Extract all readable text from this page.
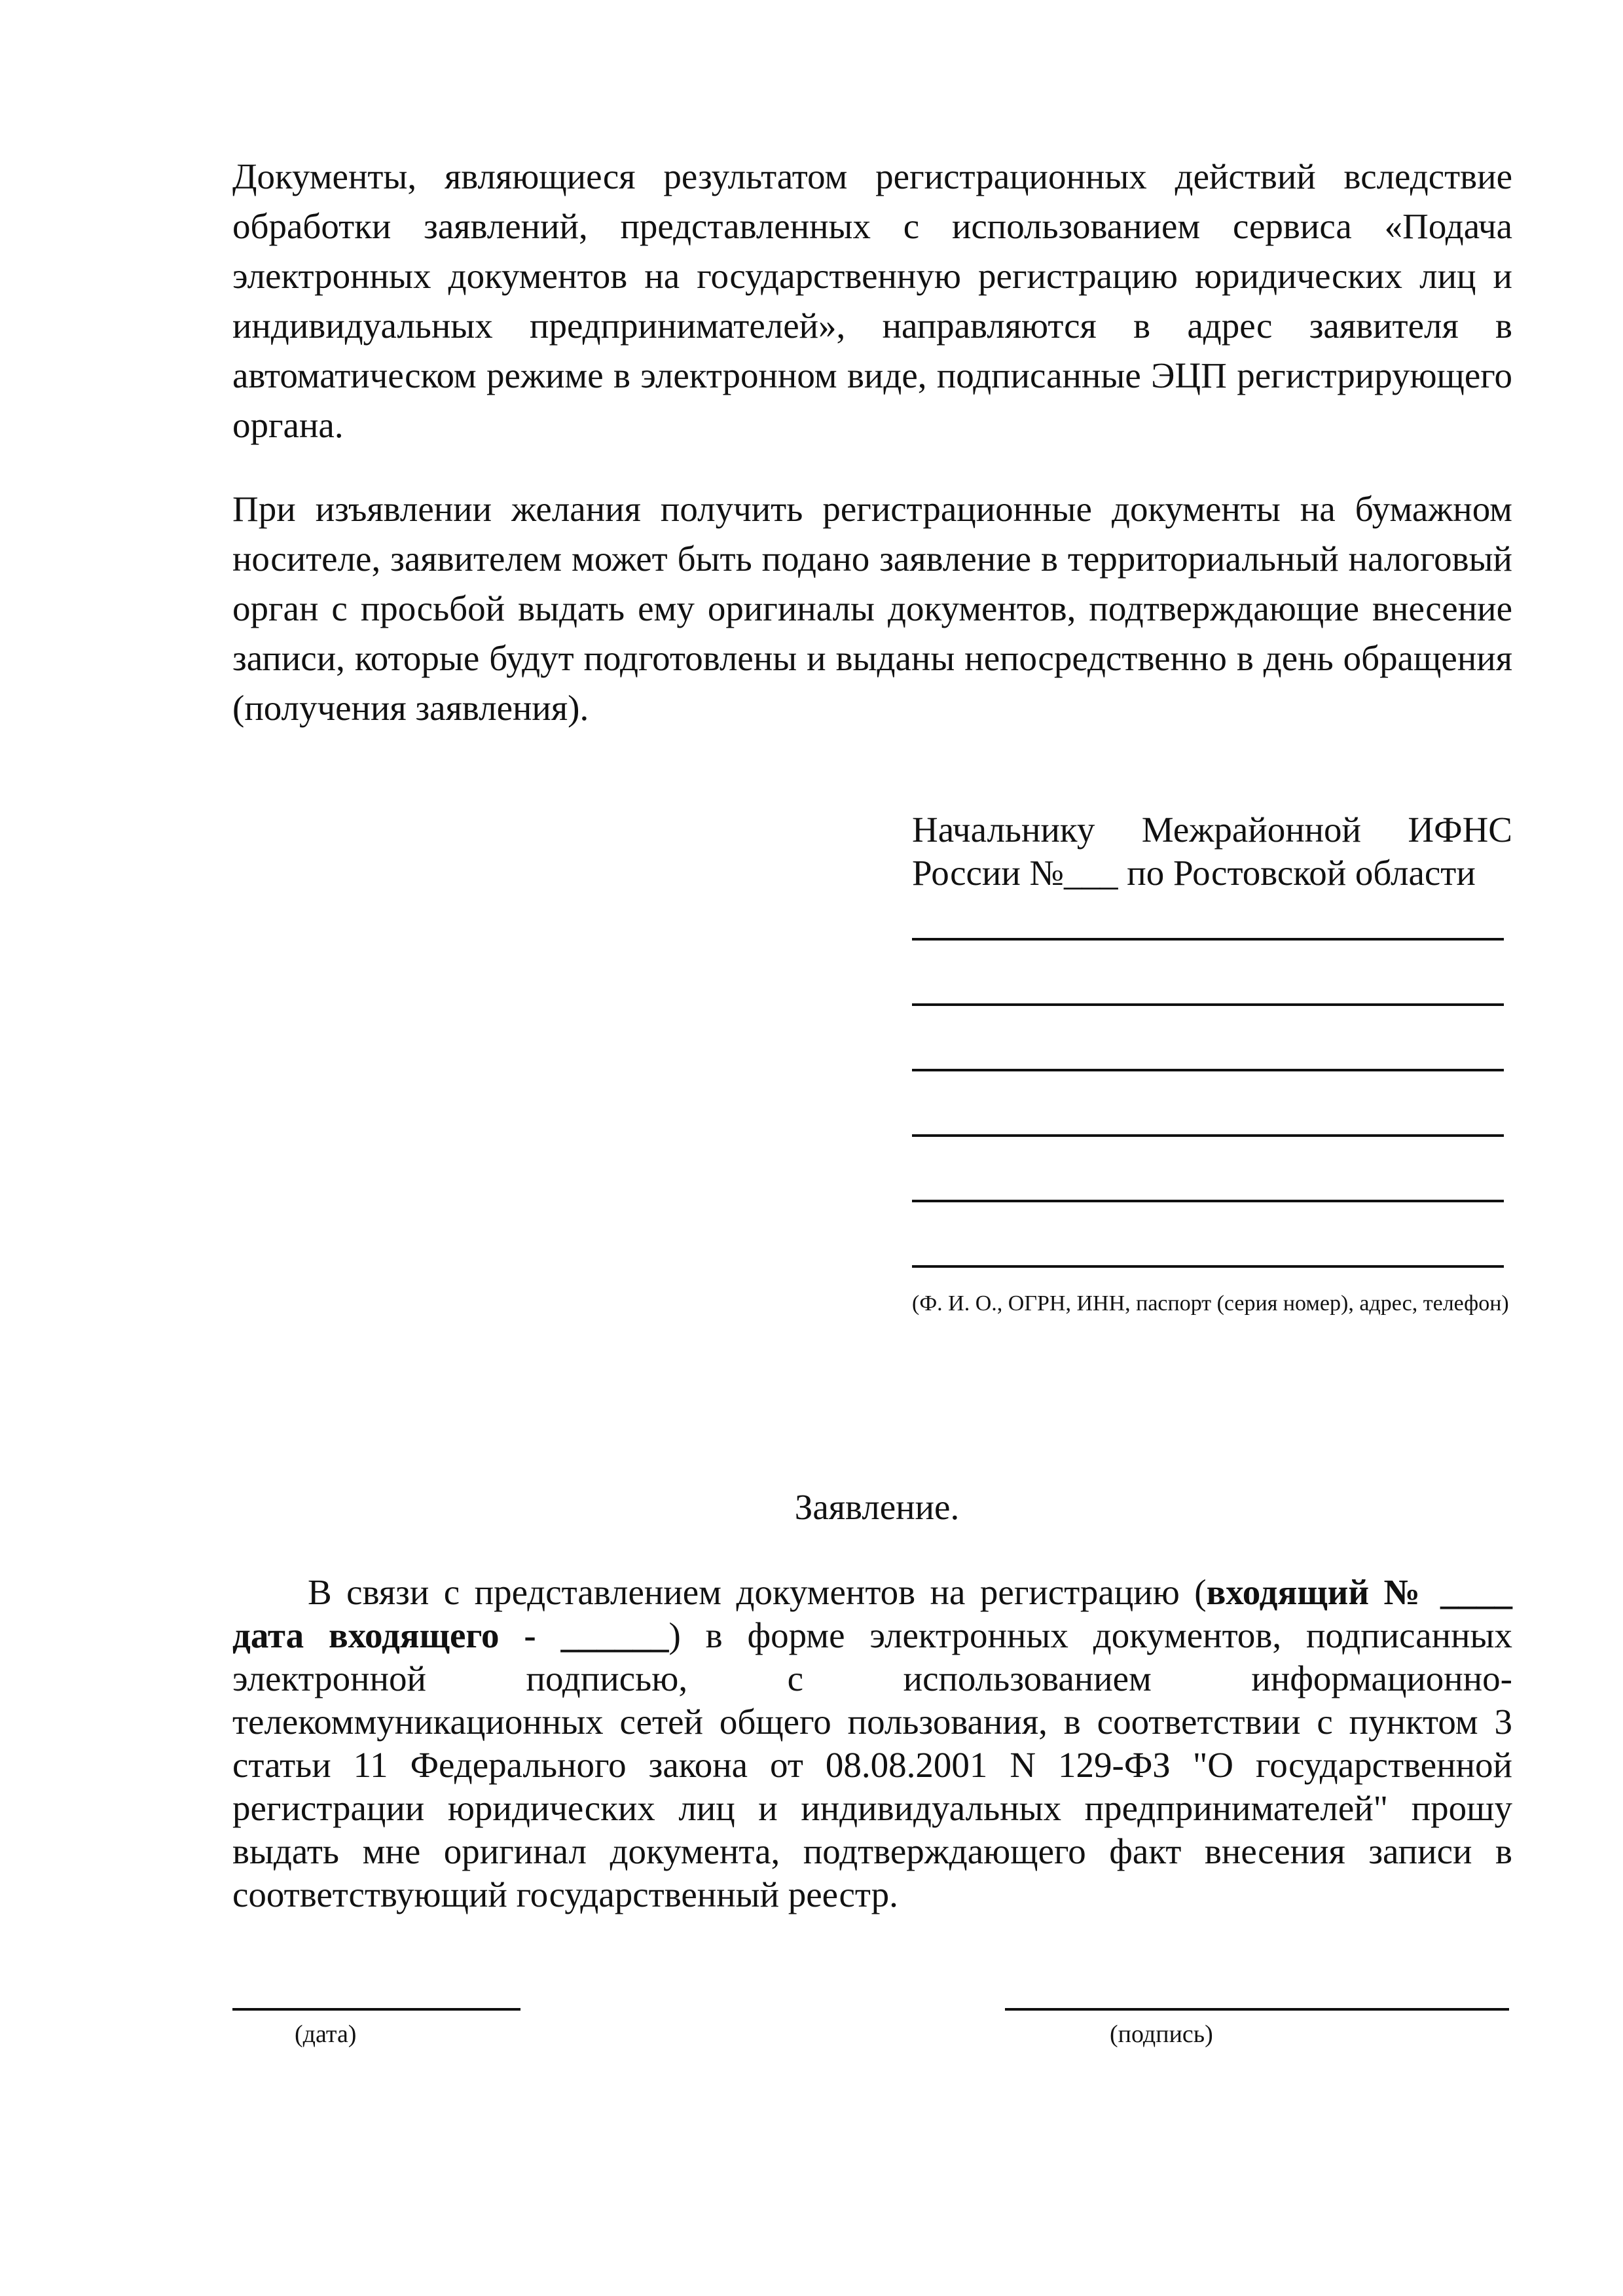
Документы, являющиеся результатом регистрационных действий вследствие обработки заявлений, представленных с использованием сервиса «Подача электронных документов на государственную регистрацию юридических лиц и индивидуальных предпринимателей», направляются в адрес заявителя в автоматическом режиме в электронном виде, подписанные ЭЦП регистрирующего органа.

При изъявлении желания получить регистрационные документы на бумажном носителе, заявителем может быть подано заявление в территориальный налоговый орган с просьбой выдать ему оригиналы документов, подтверждающие внесение записи, которые будут подготовлены и выданы непосредственно в день обращения (получения заявления).

Начальнику Межрайонной ИФНС России №___ по Ростовской области

(Ф. И. О., ОГРН, ИНН, паспорт (серия номер), адрес, телефон)

Заявление.

В связи с представлением документов на регистрацию (входящий № ____ дата входящего - ______) в форме электронных документов, подписанных электронной подписью, с использованием информационно-телекоммуникационных сетей общего пользования, в соответствии с пунктом 3 статьи 11 Федерального закона от 08.08.2001 N 129-ФЗ "О государственной регистрации юридических лиц и индивидуальных предпринимателей" прошу выдать мне оригинал документа, подтверждающего факт внесения записи в соответствующий государственный реестр.

(дата)	(подпись)
